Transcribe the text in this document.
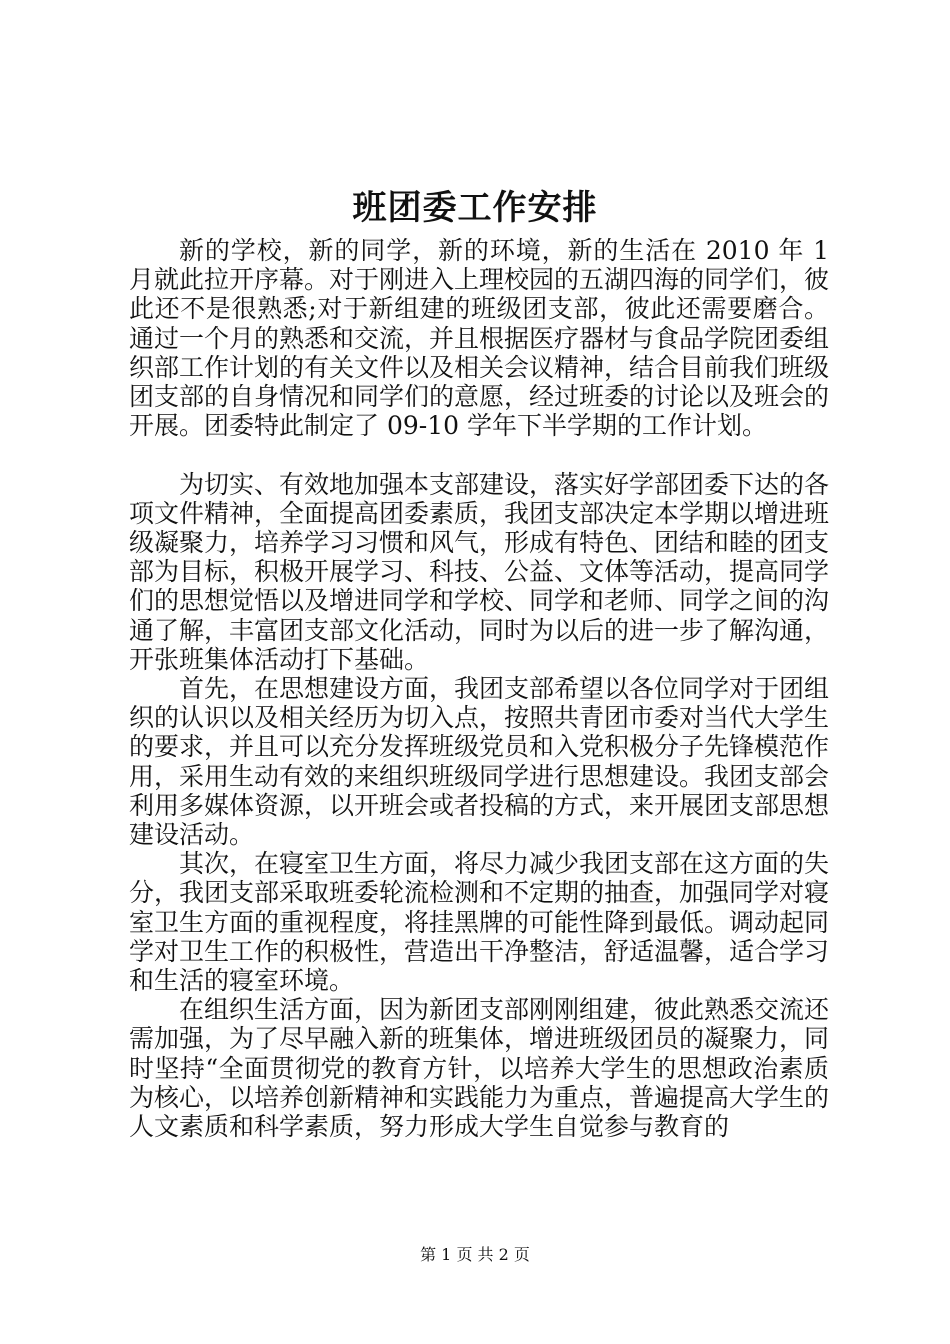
班团委工作安排

新的学校，新的同学，新的环境，新的生活在 2010 年 1 月就此拉开序幕。对于刚进入上理校园的五湖四海的同学们，彼此还不是很熟悉;对于新组建的班级团支部，彼此还需要磨合。通过一个月的熟悉和交流，并且根据医疗器材与食品学院团委组织部工作计划的有关文件以及相关会议精神，结合目前我们班级团支部的自身情况和同学们的意愿，经过班委的讨论以及班会的开展。团委特此制定了 09-10 学年下半学期的工作计划。

为切实、有效地加强本支部建设，落实好学部团委下达的各项文件精神，全面提高团委素质，我团支部决定本学期以增进班级凝聚力，培养学习习惯和风气，形成有特色、团结和睦的团支部为目标，积极开展学习、科技、公益、文体等活动，提高同学们的思想觉悟以及增进同学和学校、同学和老师、同学之间的沟通了解，丰富团支部文化活动，同时为以后的进一步了解沟通，开张班集体活动打下基础。

首先，在思想建设方面，我团支部希望以各位同学对于团组织的认识以及相关经历为切入点，按照共青团市委对当代大学生的要求，并且可以充分发挥班级党员和入党积极分子先锋模范作用，采用生动有效的来组织班级同学进行思想建设。我团支部会利用多媒体资源，以开班会或者投稿的方式，来开展团支部思想建设活动。

其次，在寝室卫生方面，将尽力减少我团支部在这方面的失分，我团支部采取班委轮流检测和不定期的抽查，加强同学对寝室卫生方面的重视程度，将挂黑牌的可能性降到最低。调动起同学对卫生工作的积极性，营造出干净整洁，舒适温馨，适合学习和生活的寝室环境。

在组织生活方面，因为新团支部刚刚组建，彼此熟悉交流还需加强，为了尽早融入新的班集体，增进班级团员的凝聚力，同时坚持“全面贯彻党的教育方针，以培养大学生的思想政治素质为核心，以培养创新精神和实践能力为重点，普遍提高大学生的人文素质和科学素质，努力形成大学生自觉参与教育的

第 1 页 共 2 页
